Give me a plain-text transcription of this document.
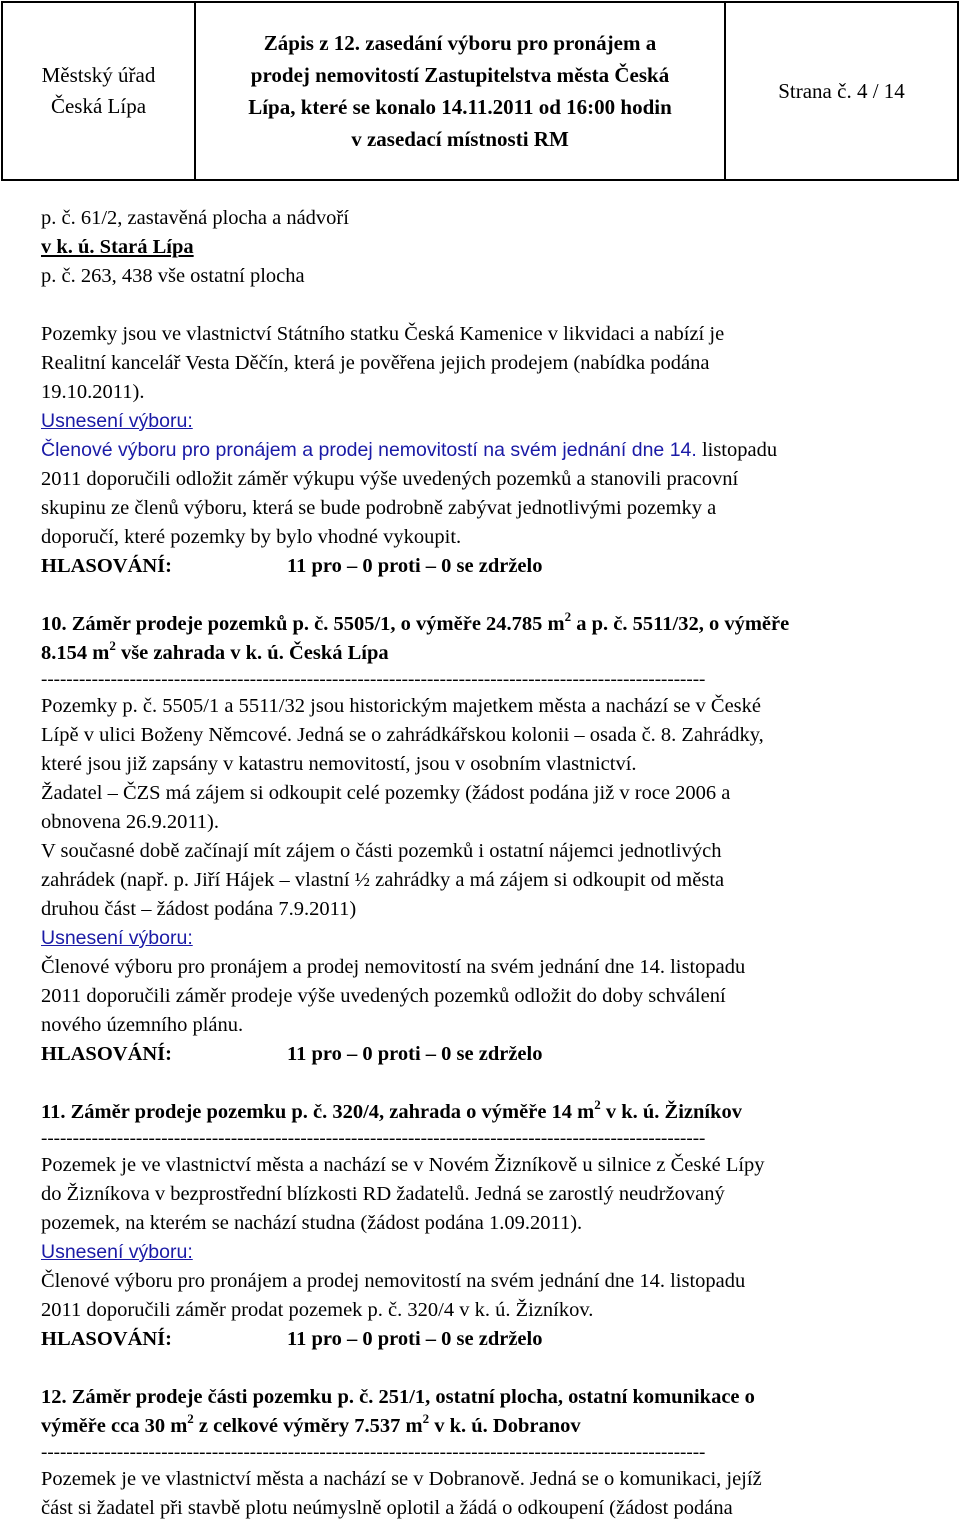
Městský úřad
Česká Lípa

Zápis z 12. zasedání výboru pro pronájem a
prodej nemovitostí Zastupitelstva města Česká
Lípa, které se konalo 14.11.2011 od 16:00 hodin
v zasedací místnosti RM

Strana č. 4 / 14
p. č. 61/2, zastavěná plocha a nádvoří
v k. ú. Stará Lípa
p. č. 263, 438 vše ostatní plocha
Pozemky jsou ve vlastnictví Státního statku Česká Kamenice v likvidaci a nabízí je
Realitní kancelář Vesta Děčín, která je pověřena jejich prodejem (nabídka podána
19.10.2011).
Usnesení výboru:
Členové výboru pro pronájem a prodej nemovitostí na svém jednání dne 14. listopadu
2011 doporučili odložit záměr výkupu výše uvedených pozemků a stanovili pracovní
skupinu ze členů výboru, která se bude podrobně zabývat jednotlivými pozemky a
doporučí, které pozemky by bylo vhodné vykoupit.
HLASOVÁNÍ:	11 pro – 0 proti – 0 se zdrželo
10. Záměr prodeje pozemků p. č. 5505/1, o výměře 24.785 $m^2$ a p. č. 5511/32, o výměře
8.154 $m^2$ vše zahrada v k. ú. Česká Lípa
---------------------------------------------------------------------------------------------------------
Pozemky p. č. 5505/1 a 5511/32 jsou historickým majetkem města a nachází se v České
Lípě v ulici Boženy Němcové. Jedná se o zahrádkářskou kolonii – osada č. 8. Zahrádky,
které jsou již zapsány v katastru nemovitostí, jsou v osobním vlastnictví.
Žadatel – ČZS má zájem si odkoupit celé pozemky (žádost podána již v roce 2006 a
obnovena 26.9.2011).
V současné době začínají mít zájem o části pozemků i ostatní nájemci jednotlivých
zahrádek (např. p. Jiří Hájek – vlastní ½ zahrádky a má zájem si odkoupit od města
druhou část – žádost podána 7.9.2011)
Usnesení výboru:
Členové výboru pro pronájem a prodej nemovitostí na svém jednání dne 14. listopadu
2011 doporučili záměr prodeje výše uvedených pozemků odložit do doby schválení
nového územního plánu.
HLASOVÁNÍ:	11 pro – 0 proti – 0 se zdrželo
11. Záměr prodeje pozemku p. č. 320/4, zahrada o výměře 14 $m^2$ v k. ú. Žizníkov
---------------------------------------------------------------------------------------------------------
Pozemek je ve vlastnictví města a nachází se v Novém Žizníkově u silnice z České Lípy
do Žizníkova v bezprostřední blízkosti RD žadatelů. Jedná se zarostlý neudržovaný
pozemek, na kterém se nachází studna (žádost podána 1.09.2011).
Usnesení výboru:
Členové výboru pro pronájem a prodej nemovitostí na svém jednání dne 14. listopadu
2011 doporučili záměr prodat pozemek p. č. 320/4 v k. ú. Žizníkov.
HLASOVÁNÍ:	11 pro – 0 proti – 0 se zdrželo
12. Záměr prodeje části pozemku p. č. 251/1, ostatní plocha, ostatní komunikace o
výměře cca 30 $m^2$ z celkové výměry 7.537 $m^2$ v k. ú. Dobranov
---------------------------------------------------------------------------------------------------------
Pozemek je ve vlastnictví města a nachází se v Dobranově. Jedná se o komunikaci, jejíž
část si žadatel při stavbě plotu neúmyslně oplotil a žádá o odkoupení (žádost podána
